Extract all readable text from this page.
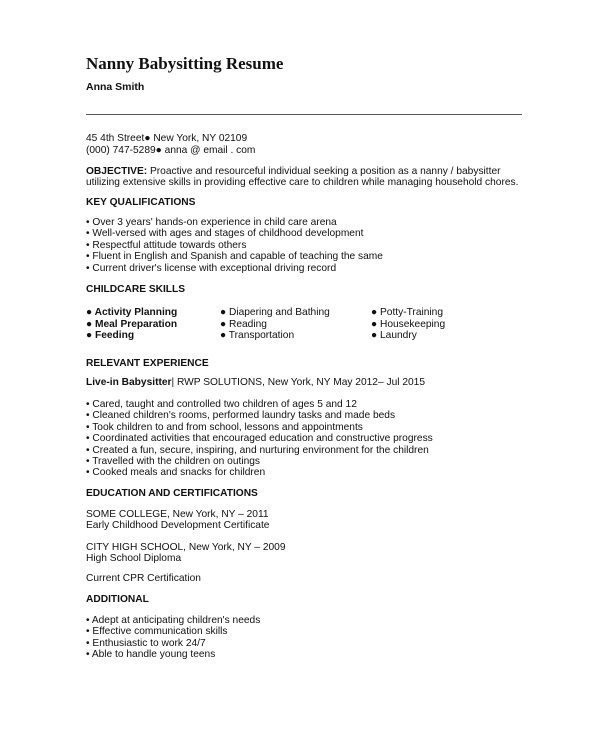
Nanny Babysitting Resume
Anna Smith
45 4th Street● New York, NY 02109
(000) 747-5289● anna @ email . com
OBJECTIVE: Proactive and resourceful individual seeking a position as a nanny / babysitter
utilizing extensive skills in providing effective care to children while managing household chores.
KEY QUALIFICATIONS
• Over 3 years' hands-on experience in child care arena
• Well-versed with ages and stages of childhood development
• Respectful attitude towards others
• Fluent in English and Spanish and capable of teaching the same
• Current driver's license with exceptional driving record
CHILDCARE SKILLS
● Activity Planning
● Meal Preparation
● Feeding
● Diapering and Bathing
● Reading
● Transportation
● Potty-Training
● Housekeeping
● Laundry
RELEVANT EXPERIENCE
Live-in Babysitter| RWP SOLUTIONS, New York, NY May 2012– Jul 2015
• Cared, taught and controlled two children of ages 5 and 12
• Cleaned children's rooms, performed laundry tasks and made beds
• Took children to and from school, lessons and appointments
• Coordinated activities that encouraged education and constructive progress
• Created a fun, secure, inspiring, and nurturing environment for the children
• Travelled with the children on outings
• Cooked meals and snacks for children
EDUCATION AND CERTIFICATIONS
SOME COLLEGE, New York, NY – 2011
Early Childhood Development Certificate
CITY HIGH SCHOOL, New York, NY – 2009
High School Diploma
Current CPR Certification
ADDITIONAL
• Adept at anticipating children's needs
• Effective communication skills
• Enthusiastic to work 24/7
• Able to handle young teens
